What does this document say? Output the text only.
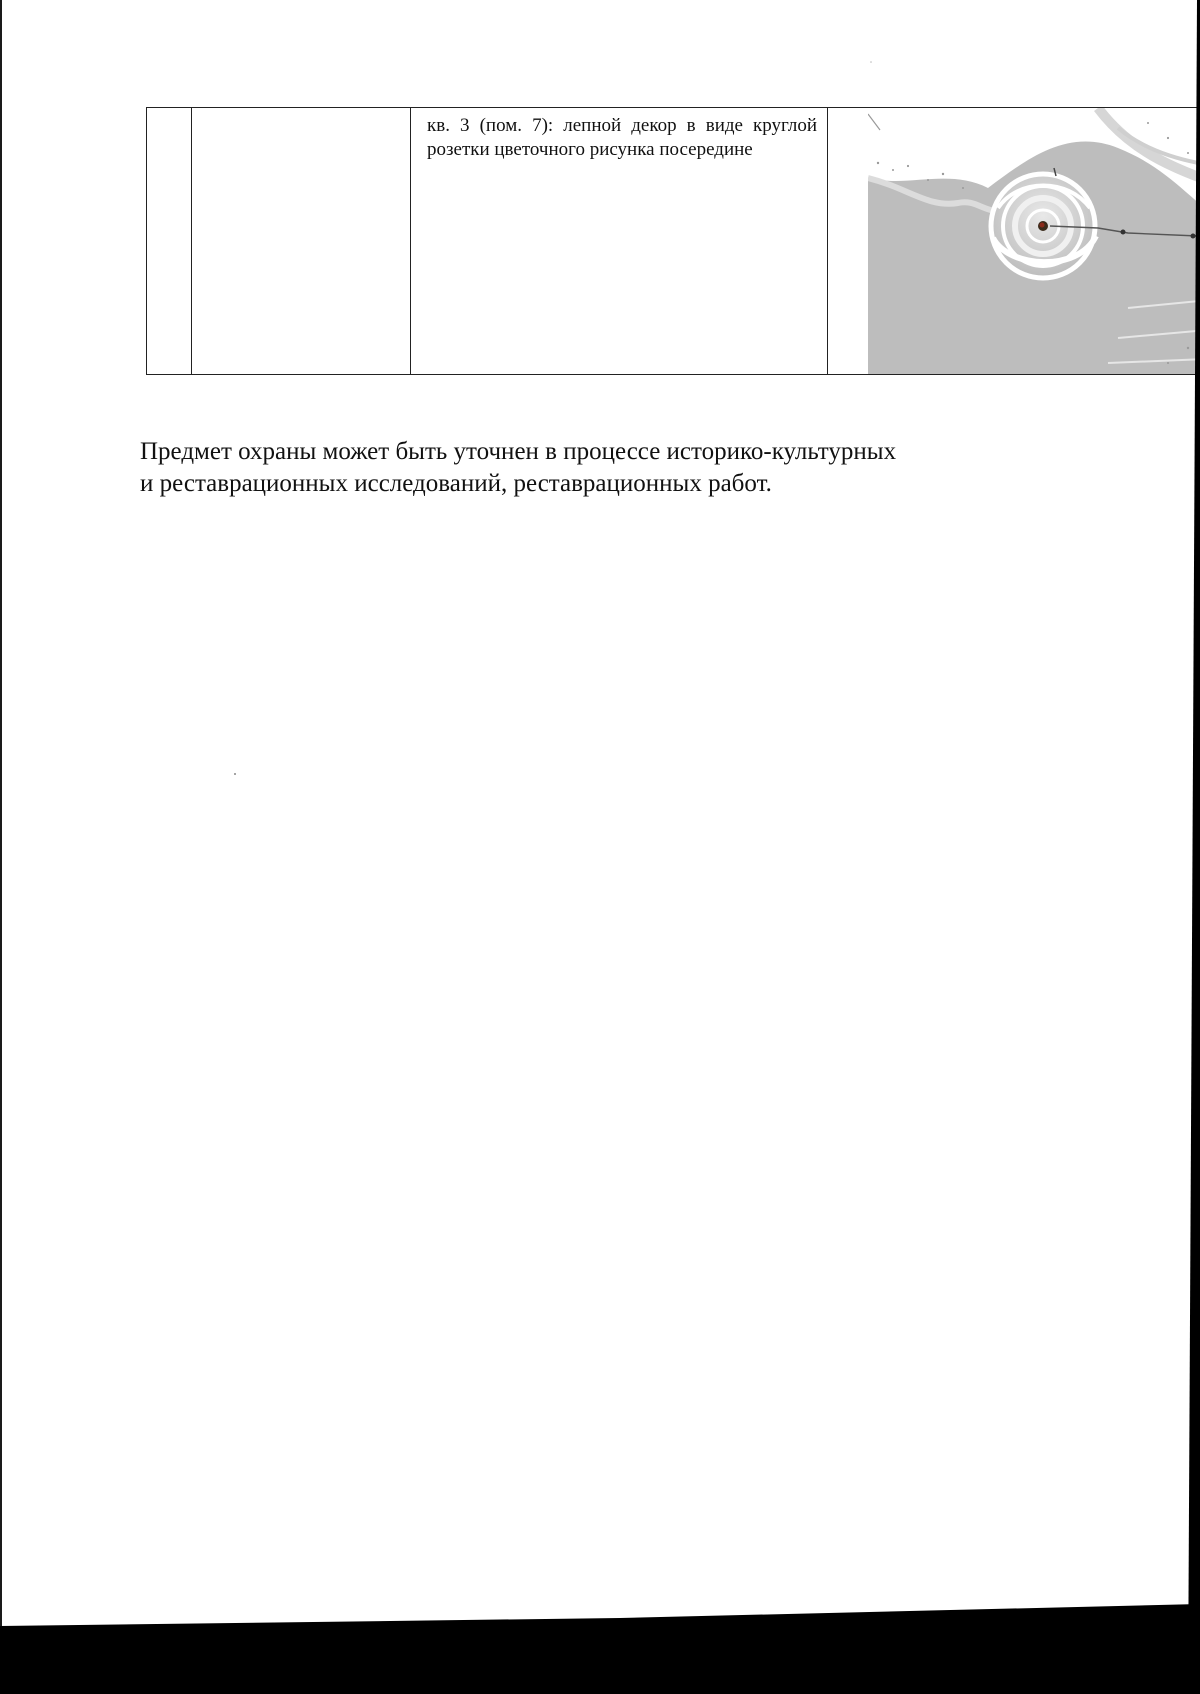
		кв. 3 (пом. 7): лепной декор в виде круглой розетки цветочного рисунка посередине	

Предмет охраны может быть уточнен в процессе историко-культурных

и реставрационных исследований, реставрационных работ.
